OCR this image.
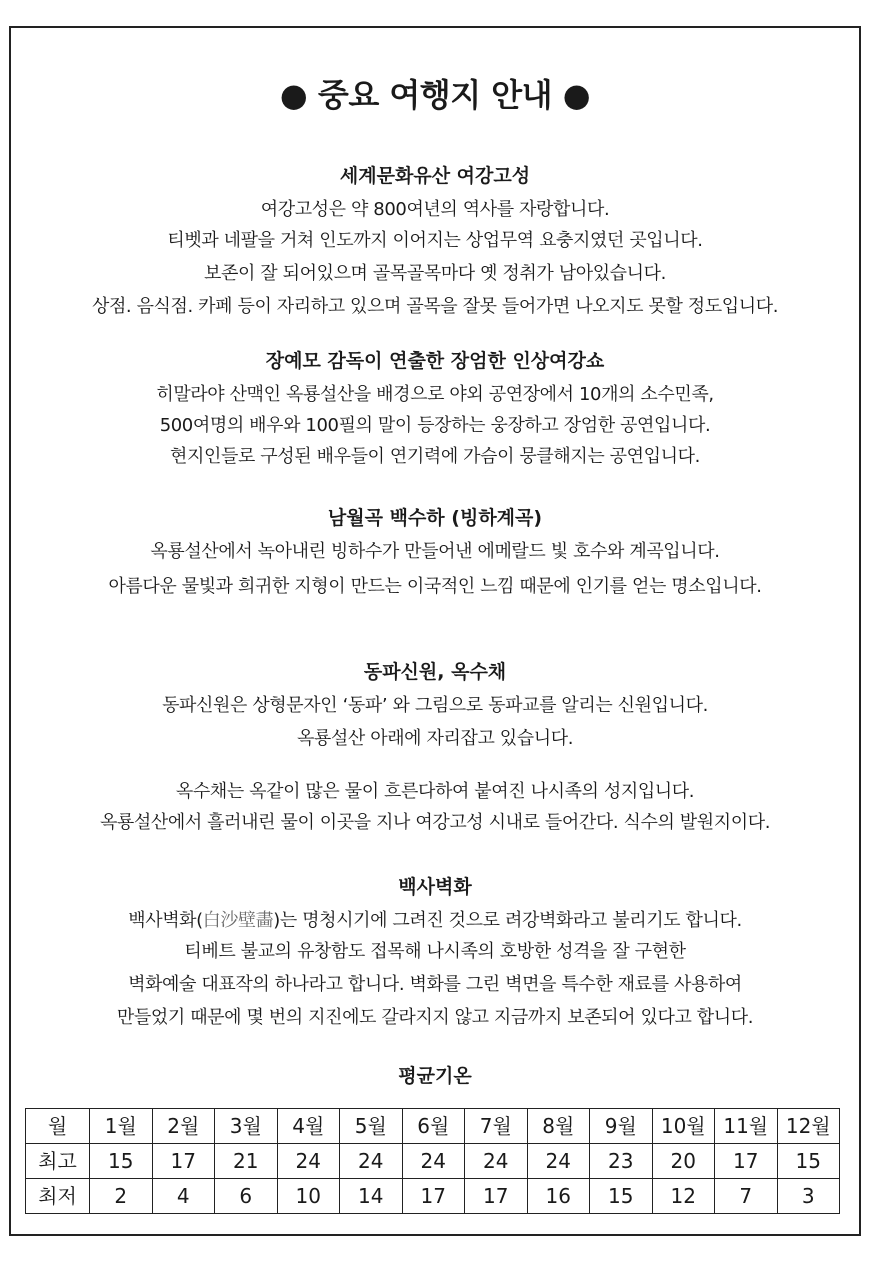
● 중요 여행지 안내 ●
세계문화유산 여강고성
여강고성은 약 800여년의 역사를 자랑합니다.
티벳과 네팔을 거쳐 인도까지 이어지는 상업무역 요충지였던 곳입니다.
보존이 잘 되어있으며 골목골목마다 옛 정취가 남아있습니다.
상점. 음식점. 카페 등이 자리하고 있으며 골목을 잘못 들어가면 나오지도 못할 정도입니다.
장예모 감독이 연출한 장엄한 인상여강쇼
히말라야 산맥인 옥룡설산을 배경으로 야외 공연장에서 10개의 소수민족,
500여명의 배우와 100필의 말이 등장하는 웅장하고 장엄한 공연입니다.
현지인들로 구성된 배우들이 연기력에 가슴이 뭉클해지는 공연입니다.
남월곡 백수하 (빙하계곡)
옥룡설산에서 녹아내린 빙하수가 만들어낸 에메랄드 빛 호수와 계곡입니다.
아름다운 물빛과 희귀한 지형이 만드는 이국적인 느낌 때문에 인기를 얻는 명소입니다.
동파신원, 옥수채
동파신원은 상형문자인 ‘동파’ 와 그림으로 동파교를 알리는 신원입니다.
옥룡설산 아래에 자리잡고 있습니다.
옥수채는 옥같이 많은 물이 흐른다하여 붙여진 나시족의 성지입니다.
옥룡설산에서 흘러내린 물이 이곳을 지나 여강고성 시내로 들어간다. 식수의 발원지이다.
백사벽화
백사벽화(白沙壁畵)는 명청시기에 그려진 것으로 려강벽화라고 불리기도 합니다.
티베트 불교의 유창함도 접목해 나시족의 호방한 성격을 잘 구현한
벽화예술 대표작의 하나라고 합니다. 벽화를 그린 벽면을 특수한 재료를 사용하여
만들었기 때문에 몇 번의 지진에도 갈라지지 않고 지금까지 보존되어 있다고 합니다.
평균기온
월	1월	2월	3월	4월	5월	6월	7월	8월	9월	10월	11월	12월
최고	15	17	21	24	24	24	24	24	23	20	17	15
최저	2	4	6	10	14	17	17	16	15	12	7	3
